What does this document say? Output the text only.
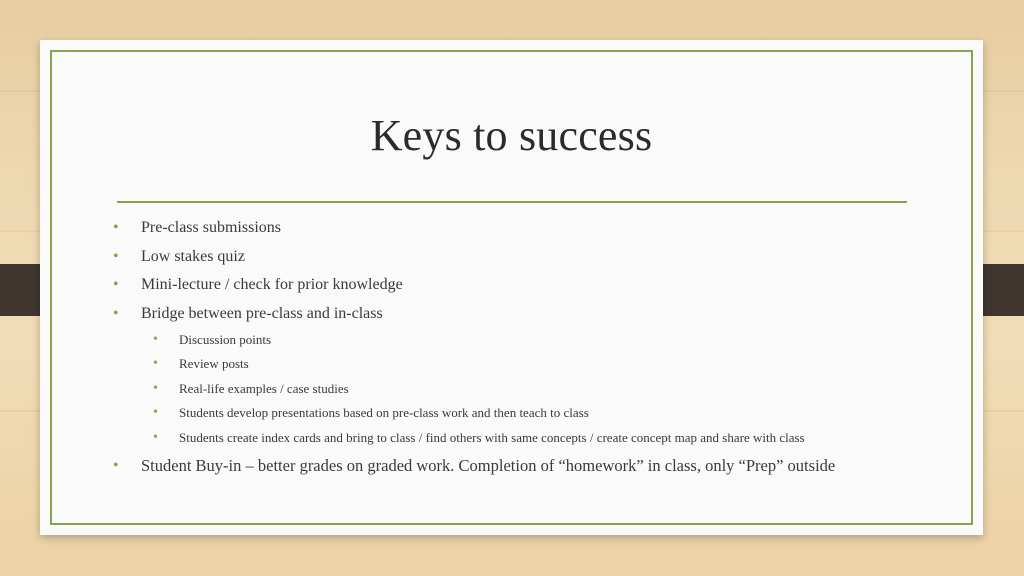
Keys to success
• Pre-class submissions
• Low stakes quiz
• Mini-lecture / check for prior knowledge
• Bridge between pre-class and in-class
• Discussion points
• Review posts
• Real-life examples / case studies
• Students develop presentations based on pre-class work and then teach to class
• Students create index cards and bring to class / find others with same concepts / create concept map and share with class
• Student Buy-in – better grades on graded work. Completion of “homework” in class, only “Prep” outside
